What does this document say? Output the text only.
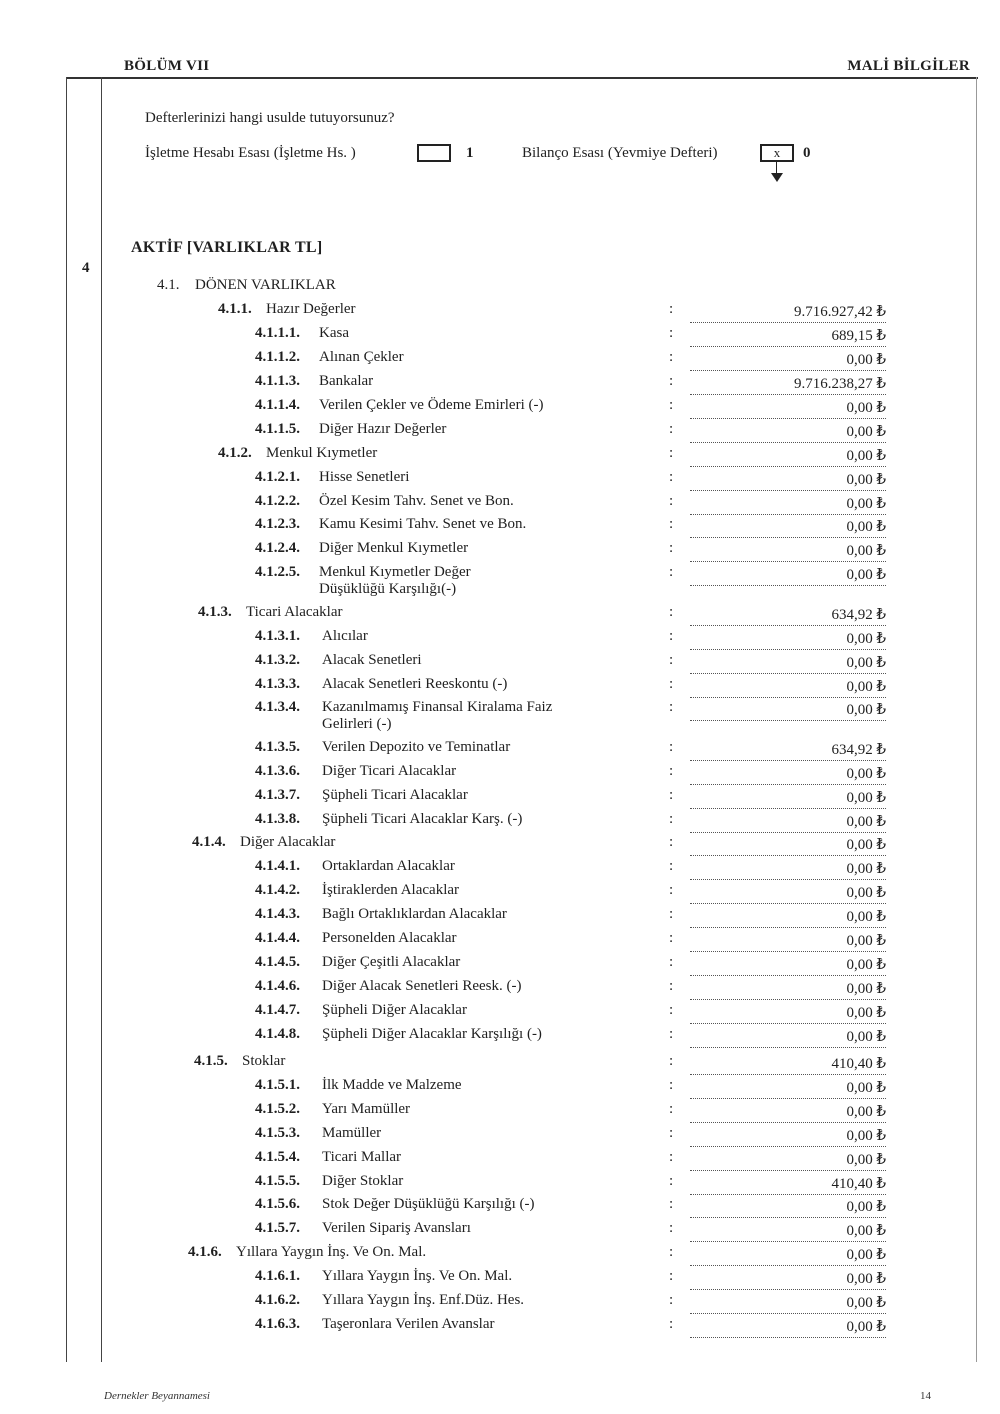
BÖLÜM VII	MALİ BİLGİLER
4
Defterlerinizi hangi usulde tutuyorsunuz?
İşletme Hesabı Esası (İşletme Hs. )	1	Bilanço Esası (Yevmiye Defteri)	x	0
AKTİF [VARLIKLAR TL]
4.1. DÖNEN VARLIKLAR
4.1.1. Hazır Değerler	:	9.716.927,42 ₺
4.1.1.1. Kasa	:	689,15 ₺
4.1.1.2. Alınan Çekler	:	0,00 ₺
4.1.1.3. Bankalar	:	9.716.238,27 ₺
4.1.1.4. Verilen Çekler ve Ödeme Emirleri (-)	:	0,00 ₺
4.1.1.5. Diğer Hazır Değerler	:	0,00 ₺
4.1.2. Menkul Kıymetler	:	0,00 ₺
4.1.2.1. Hisse Senetleri	:	0,00 ₺
4.1.2.2. Özel Kesim Tahv. Senet ve Bon.	:	0,00 ₺
4.1.2.3. Kamu Kesimi Tahv. Senet ve Bon.	:	0,00 ₺
4.1.2.4. Diğer Menkul Kıymetler	:	0,00 ₺
4.1.2.5. Menkul Kıymetler Değer
Düşüklüğü Karşılığı(-)
:	0,00 ₺
4.1.3. Ticari Alacaklar	:	634,92 ₺
4.1.3.1. Alıcılar	:	0,00 ₺
4.1.3.2. Alacak Senetleri	:	0,00 ₺
4.1.3.3. Alacak Senetleri Reeskontu (-)	:	0,00 ₺
4.1.3.4. Kazanılmamış Finansal Kiralama Faiz
Gelirleri (-)
:	0,00 ₺
4.1.3.5. Verilen Depozito ve Teminatlar	:	634,92 ₺
4.1.3.6. Diğer Ticari Alacaklar	:	0,00 ₺
4.1.3.7. Şüpheli Ticari Alacaklar	:	0,00 ₺
4.1.3.8. Şüpheli Ticari Alacaklar Karş. (-)	:	0,00 ₺
4.1.4. Diğer Alacaklar	:	0,00 ₺
4.1.4.1. Ortaklardan Alacaklar	:	0,00 ₺
4.1.4.2. İştiraklerden Alacaklar	:	0,00 ₺
4.1.4.3. Bağlı Ortaklıklardan Alacaklar	:	0,00 ₺
4.1.4.4. Personelden Alacaklar	:	0,00 ₺
4.1.4.5. Diğer Çeşitli Alacaklar	:	0,00 ₺
4.1.4.6. Diğer Alacak Senetleri Reesk. (-)	:	0,00 ₺
4.1.4.7. Şüpheli Diğer Alacaklar	:	0,00 ₺
4.1.4.8. Şüpheli Diğer Alacaklar Karşılığı (-)	:	0,00 ₺
4.1.5. Stoklar	:	410,40 ₺
4.1.5.1. İlk Madde ve Malzeme	:	0,00 ₺
4.1.5.2. Yarı Mamüller	:	0,00 ₺
4.1.5.3. Mamüller	:	0,00 ₺
4.1.5.4. Ticari Mallar	:	0,00 ₺
4.1.5.5. Diğer Stoklar	:	410,40 ₺
4.1.5.6. Stok Değer Düşüklüğü Karşılığı (-)	:	0,00 ₺
4.1.5.7. Verilen Sipariş Avansları	:	0,00 ₺
4.1.6. Yıllara Yaygın İnş. Ve On. Mal.	:	0,00 ₺
4.1.6.1. Yıllara Yaygın İnş. Ve On. Mal.	:	0,00 ₺
4.1.6.2. Yıllara Yaygın İnş. Enf.Düz. Hes.	:	0,00 ₺
4.1.6.3. Taşeronlara Verilen Avanslar	:	0,00 ₺
Dernekler Beyannamesi	14
